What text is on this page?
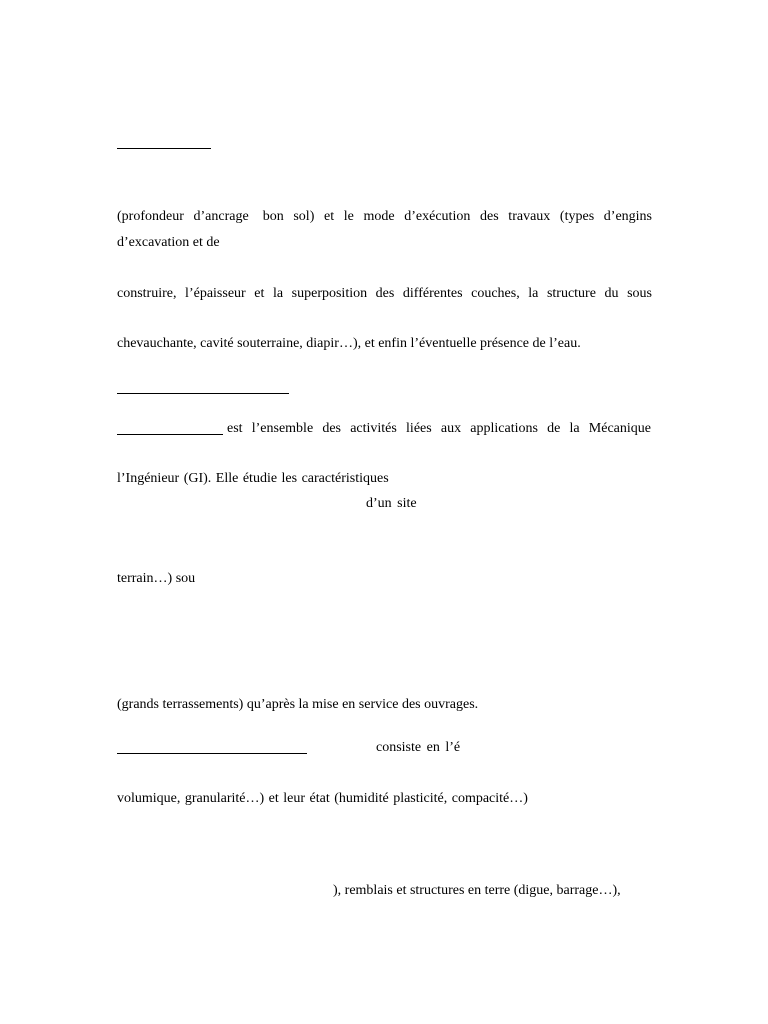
(profondeur d’ancrage bon sol) et le mode d’exécution des travaux (types d’engins
d’excavation et de
construire, l’épaisseur et la superposition des différentes couches, la structure du sous
chevauchante, cavité souterraine, diapir…), et enfin l’éventuelle présence de l’eau.
est l’ensemble des activités liées aux applications de la Mécanique
l’Ingénieur (GI). Elle étudie les caractéristiques
d’un site
terrain…) sou
(grands terrassements) qu’après la mise en service des ouvrages.
consiste en l’é
volumique, granularité…) et leur état (humidité plasticité, compacité…)
), remblais et structures en terre (digue, barrage…),
